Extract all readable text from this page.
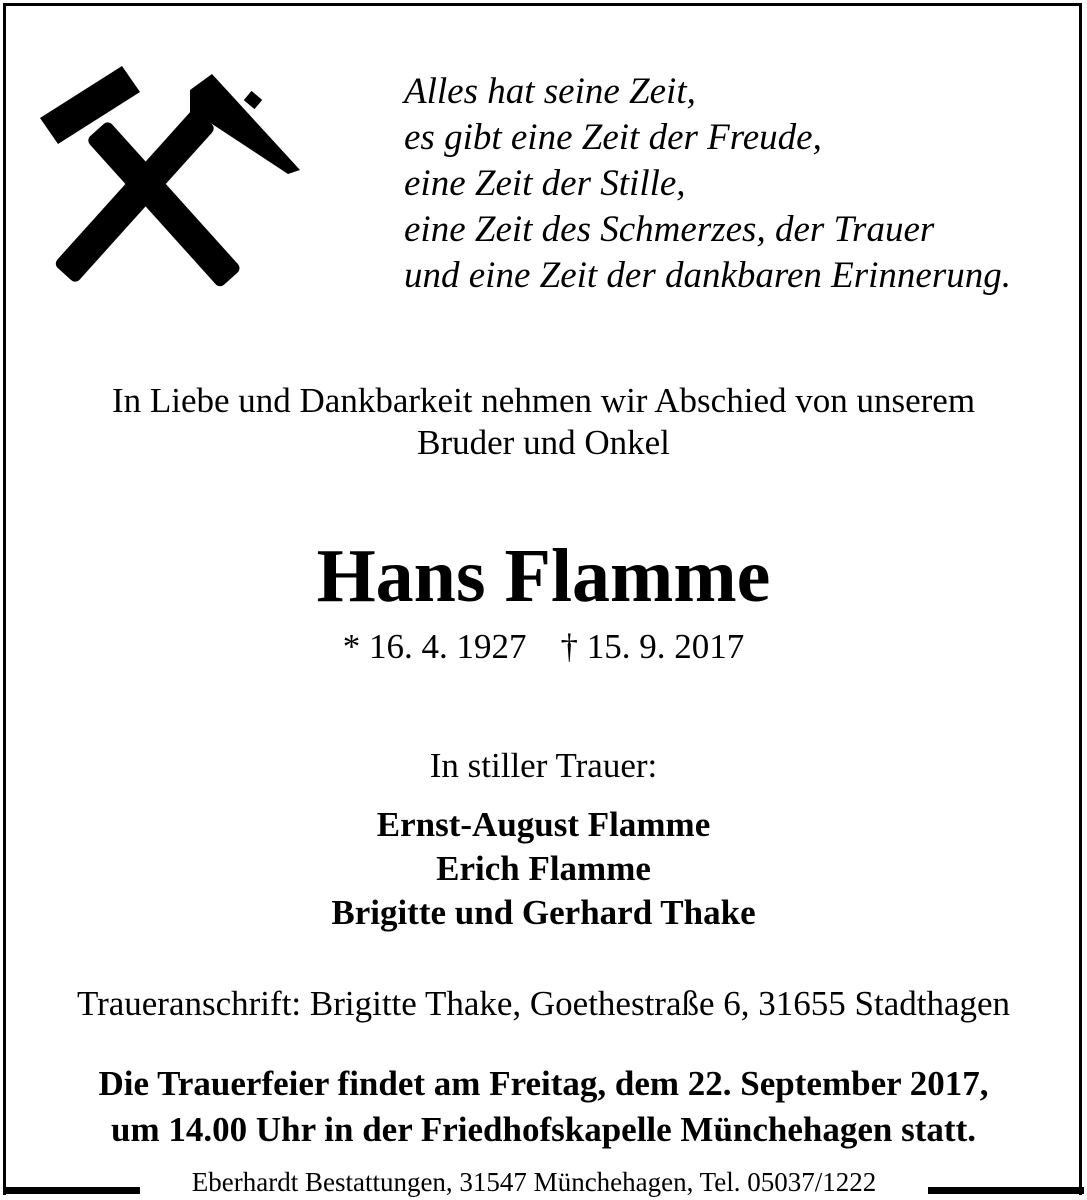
Alles hat seine Zeit,
es gibt eine Zeit der Freude,
eine Zeit der Stille,
eine Zeit des Schmerzes, der Trauer
und eine Zeit der dankbaren Erinnerung.
In Liebe und Dankbarkeit nehmen wir Abschied von unserem
Bruder und Onkel
Hans Flamme
* 16. 4. 1927 † 15. 9. 2017
In stiller Trauer:
Ernst-August Flamme
Erich Flamme
Brigitte und Gerhard Thake
Traueranschrift: Brigitte Thake, Goethestraße 6, 31655 Stadthagen
Die Trauerfeier findet am Freitag, dem 22. September 2017,
um 14.00 Uhr in der Friedhofskapelle Münchehagen statt.
Eberhardt Bestattungen, 31547 Münchehagen, Tel. 05037/1222
